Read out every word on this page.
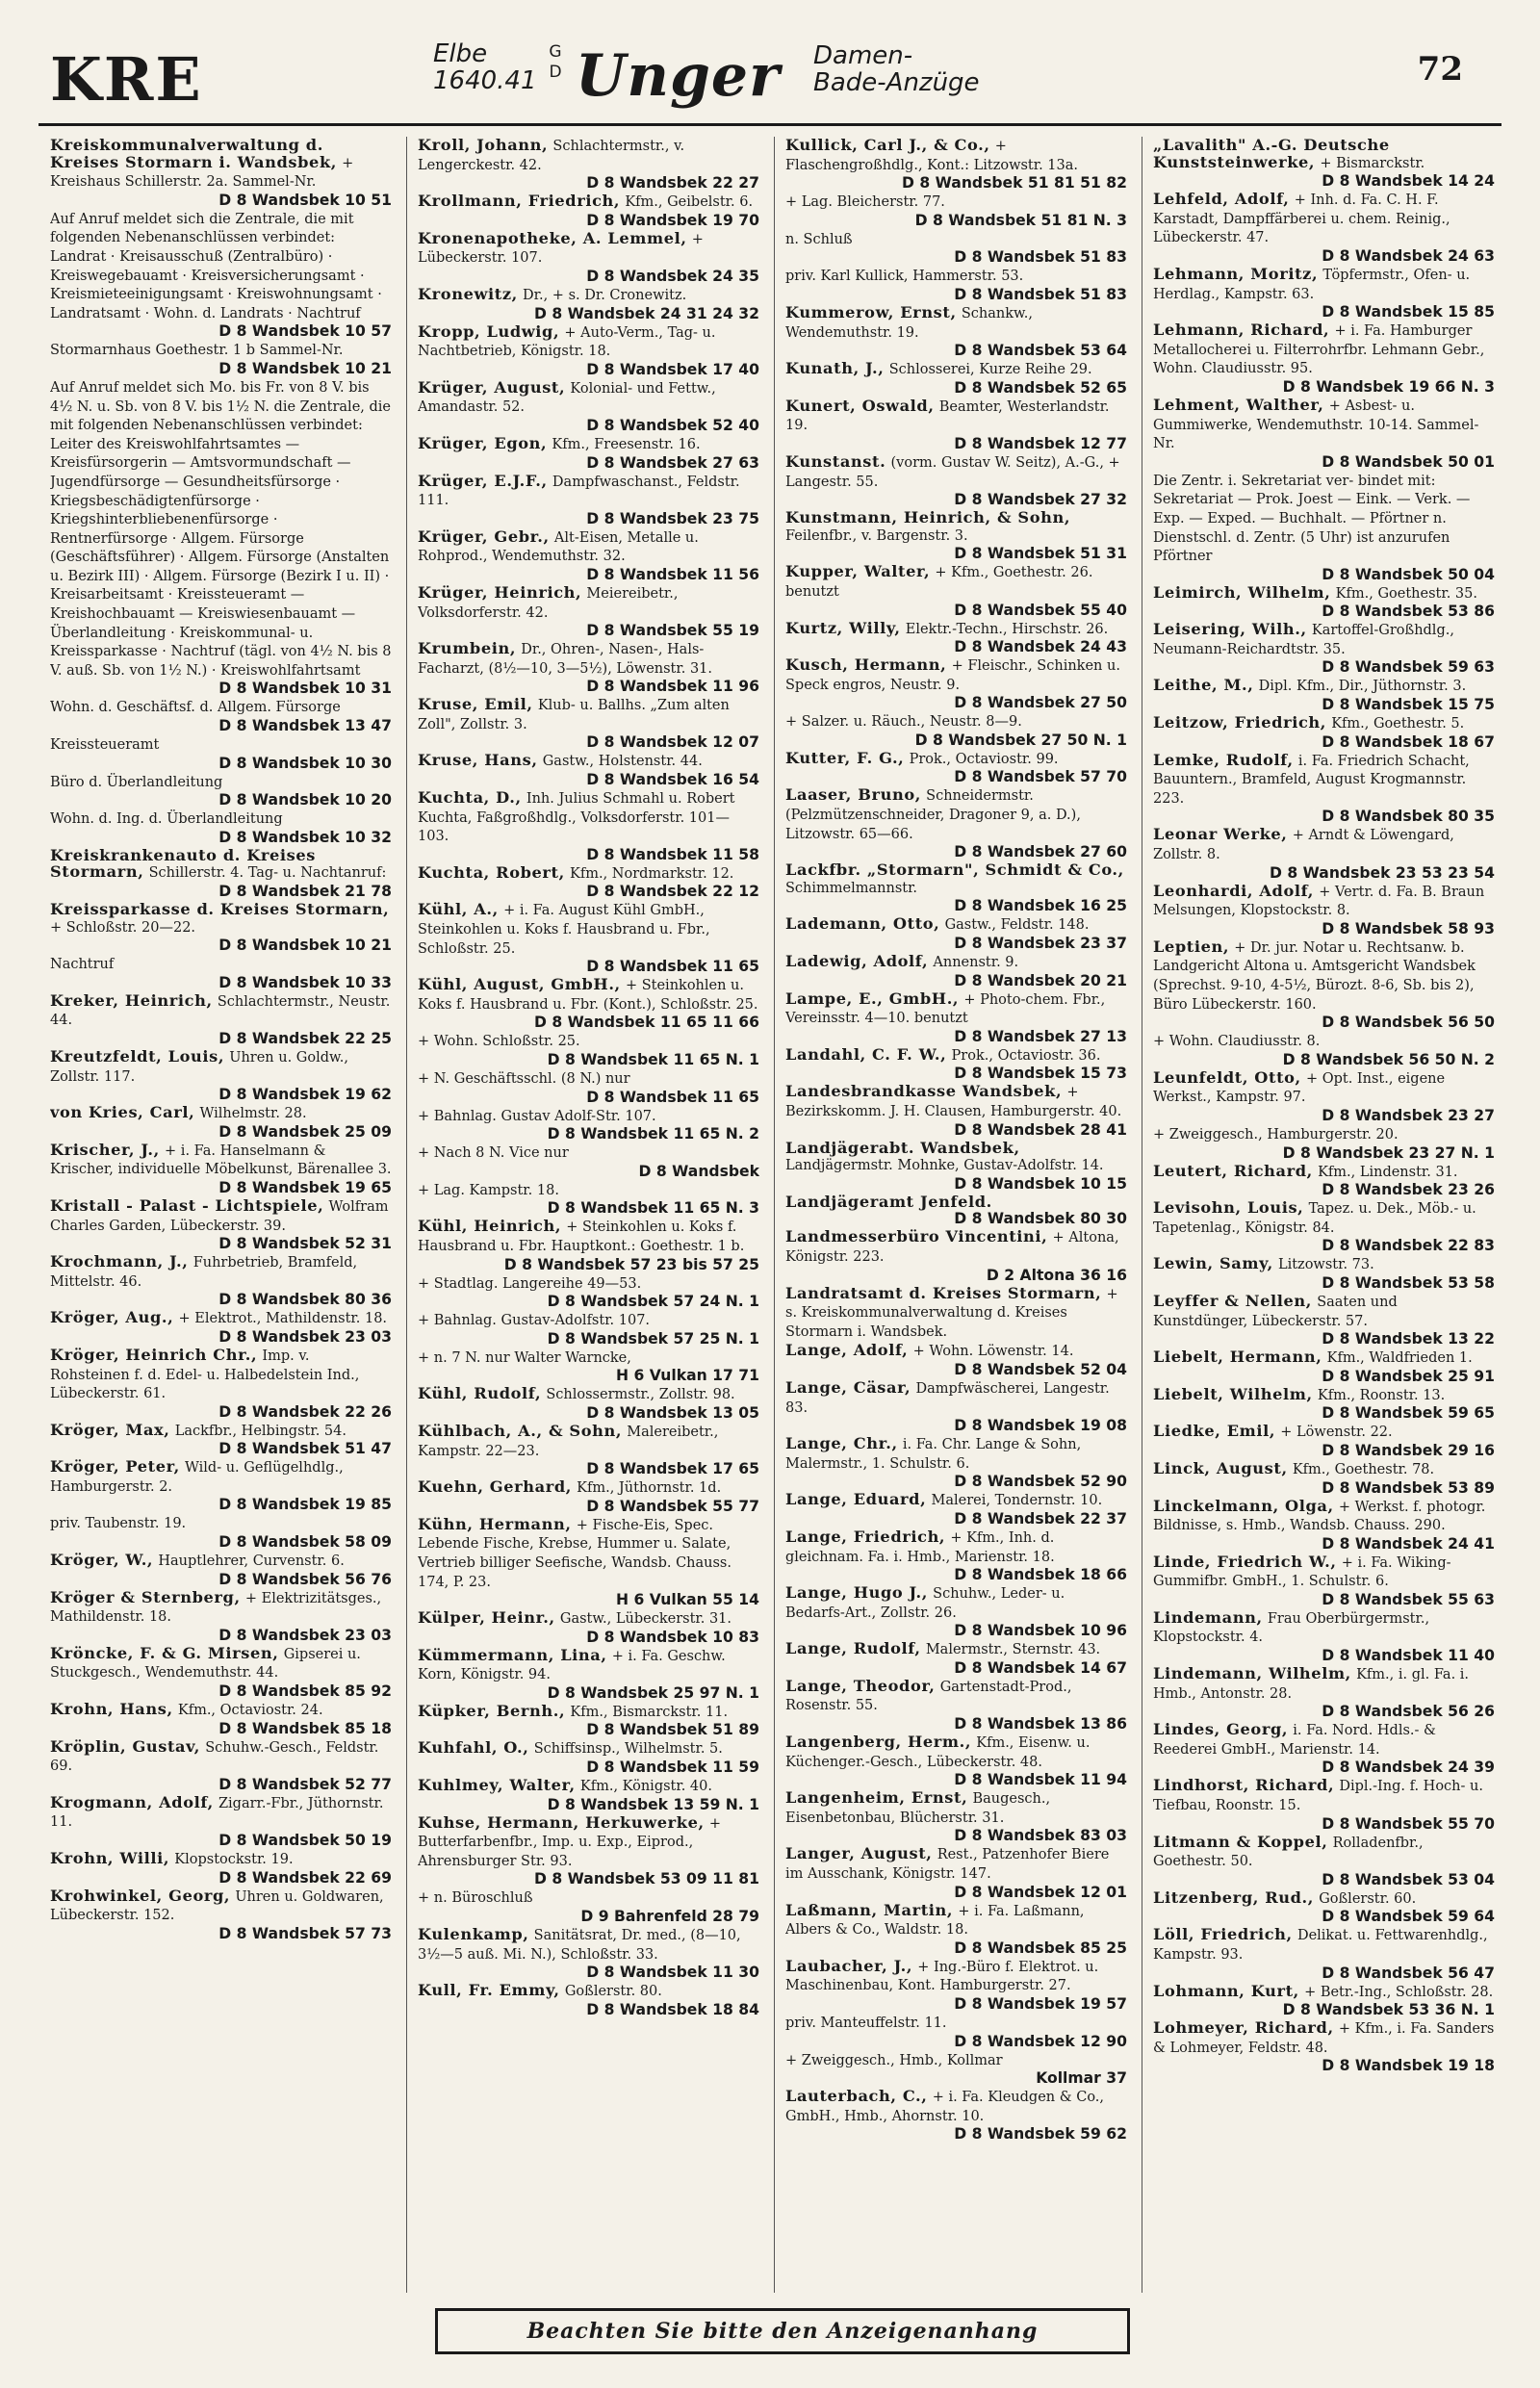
KRE	Elbe
1640.41
G
D Unger Damen-
Bade-Anzüge	72
Kreiskommunalverwaltung d. Kreises Stormarn i. Wandsbek, + Kreishaus Schillerstr. 2a. Sammel-Nr.
D 8 Wandsbek 10 51
Auf Anruf meldet sich die Zentrale, die mit folgenden Nebenanschlüssen verbindet: Landrat · Kreisausschuß (Zentralbüro) · Kreiswegebauamt · Kreisversicherungsamt · Kreismieteeinigungsamt · Kreiswohnungsamt · Landratsamt · Wohn. d. Landrats · Nachtruf
D 8 Wandsbek 10 57
Stormarnhaus Goethestr. 1 b Sammel-Nr.
D 8 Wandsbek 10 21
Auf Anruf meldet sich Mo. bis Fr. von 8 V. bis 4½ N. u. Sb. von 8 V. bis 1½ N. die Zentrale, die mit folgenden Nebenanschlüssen verbindet: Leiter des Kreiswohlfahrtsamtes — Kreisfürsorgerin — Amtsvormundschaft — Jugendfürsorge — Gesundheitsfürsorge · Kriegsbeschädigtenfürsorge · Kriegshinterbliebenenfürsorge · Rentnerfürsorge · Allgem. Fürsorge (Geschäftsführer) · Allgem. Fürsorge (Anstalten u. Bezirk III) · Allgem. Fürsorge (Bezirk I u. II) · Kreisarbeitsamt · Kreissteueramt — Kreishochbauamt — Kreiswiesenbauamt — Überlandleitung · Kreiskommunal- u. Kreissparkasse · Nachtruf (tägl. von 4½ N. bis 8 V. auß. Sb. von 1½ N.) · Kreiswohlfahrtsamt
D 8 Wandsbek 10 31
Wohn. d. Geschäftsf. d. Allgem. Fürsorge
D 8 Wandsbek 13 47
Kreissteueramt
D 8 Wandsbek 10 30
Büro d. Überlandleitung
D 8 Wandsbek 10 20
Wohn. d. Ing. d. Überlandleitung
D 8 Wandsbek 10 32
Kreiskrankenauto d. Kreises Stormarn, Schillerstr. 4. Tag- u. Nachtanruf:
D 8 Wandsbek 21 78
Kreissparkasse d. Kreises Stormarn, + Schloßstr. 20—22.
D 8 Wandsbek 10 21
Nachtruf
D 8 Wandsbek 10 33
Kreker, Heinrich, Schlachtermstr., Neustr. 44.
D 8 Wandsbek 22 25
Kreutzfeldt, Louis, Uhren u. Goldw., Zollstr. 117.
D 8 Wandsbek 19 62
von Kries, Carl, Wilhelmstr. 28.
D 8 Wandsbek 25 09
Krischer, J., + i. Fa. Hanselmann & Krischer, individuelle Möbelkunst, Bärenallee 3.
D 8 Wandsbek 19 65
Kristall - Palast - Lichtspiele, Wolfram Charles Garden, Lübeckerstr. 39.
D 8 Wandsbek 52 31
Krochmann, J., Fuhrbetrieb, Bramfeld, Mittelstr. 46.
D 8 Wandsbek 80 36
Kröger, Aug., + Elektrot., Mathildenstr. 18.
D 8 Wandsbek 23 03
Kröger, Heinrich Chr., Imp. v. Rohsteinen f. d. Edel- u. Halbedelstein Ind., Lübeckerstr. 61.
D 8 Wandsbek 22 26
Kröger, Max, Lackfbr., Helbingstr. 54.
D 8 Wandsbek 51 47
Kröger, Peter, Wild- u. Geflügelhdlg., Hamburgerstr. 2.
D 8 Wandsbek 19 85
priv. Taubenstr. 19.
D 8 Wandsbek 58 09
Kröger, W., Hauptlehrer, Curvenstr. 6.
D 8 Wandsbek 56 76
Kröger & Sternberg, + Elektrizitätsges., Mathildenstr. 18.
D 8 Wandsbek 23 03
Kröncke, F. & G. Mirsen, Gipserei u. Stuckgesch., Wendemuthstr. 44.
D 8 Wandsbek 85 92
Krohn, Hans, Kfm., Octaviostr. 24.
D 8 Wandsbek 85 18
Kröplin, Gustav, Schuhw.-Gesch., Feldstr. 69.
D 8 Wandsbek 52 77
Krogmann, Adolf, Zigarr.-Fbr., Jüthornstr. 11.
D 8 Wandsbek 50 19
Krohn, Willi, Klopstockstr. 19.
D 8 Wandsbek 22 69
Krohwinkel, Georg, Uhren u. Goldwaren, Lübeckerstr. 152.
D 8 Wandsbek 57 73
Kroll, Johann, Schlachtermstr., v. Lengerckestr. 42.
D 8 Wandsbek 22 27
Krollmann, Friedrich, Kfm., Geibelstr. 6.
D 8 Wandsbek 19 70
Kronenapotheke, A. Lemmel, + Lübeckerstr. 107.
D 8 Wandsbek 24 35
Kronewitz, Dr., + s. Dr. Cronewitz.
D 8 Wandsbek 24 31 24 32
Kropp, Ludwig, + Auto-Verm., Tag- u. Nachtbetrieb, Königstr. 18.
D 8 Wandsbek 17 40
Krüger, August, Kolonial- und Fettw., Amandastr. 52.
D 8 Wandsbek 52 40
Krüger, Egon, Kfm., Freesenstr. 16.
D 8 Wandsbek 27 63
Krüger, E.J.F., Dampfwaschanst., Feldstr. 111.
D 8 Wandsbek 23 75
Krüger, Gebr., Alt-Eisen, Metalle u. Rohprod., Wendemuthstr. 32.
D 8 Wandsbek 11 56
Krüger, Heinrich, Meiereibetr., Volksdorferstr. 42.
D 8 Wandsbek 55 19
Krumbein, Dr., Ohren-, Nasen-, Hals-Facharzt, (8½—10, 3—5½), Löwenstr. 31.
D 8 Wandsbek 11 96
Kruse, Emil, Klub- u. Ballhs. „Zum alten Zoll", Zollstr. 3.
D 8 Wandsbek 12 07
Kruse, Hans, Gastw., Holstenstr. 44.
D 8 Wandsbek 16 54
Kuchta, D., Inh. Julius Schmahl u. Robert Kuchta, Faßgroßhdlg., Volksdorferstr. 101—103.
D 8 Wandsbek 11 58
Kuchta, Robert, Kfm., Nordmarkstr. 12.
D 8 Wandsbek 22 12
Kühl, A., + i. Fa. August Kühl GmbH., Steinkohlen u. Koks f. Hausbrand u. Fbr., Schloßstr. 25.
D 8 Wandsbek 11 65
Kühl, August, GmbH., + Steinkohlen u. Koks f. Hausbrand u. Fbr. (Kont.), Schloßstr. 25.
D 8 Wandsbek 11 65 11 66
+ Wohn. Schloßstr. 25.
D 8 Wandsbek 11 65 N. 1
+ N. Geschäftsschl. (8 N.) nur
D 8 Wandsbek 11 65
+ Bahnlag. Gustav Adolf-Str. 107.
D 8 Wandsbek 11 65 N. 2
+ Nach 8 N. Vice nur
D 8 Wandsbek
+ Lag. Kampstr. 18.
D 8 Wandsbek 11 65 N. 3
Kühl, Heinrich, + Steinkohlen u. Koks f. Hausbrand u. Fbr. Hauptkont.: Goethestr. 1 b.
D 8 Wandsbek 57 23 bis 57 25
+ Stadtlag. Langereihe 49—53.
D 8 Wandsbek 57 24 N. 1
+ Bahnlag. Gustav-Adolfstr. 107.
D 8 Wandsbek 57 25 N. 1
+ n. 7 N. nur Walter Warncke,
H 6 Vulkan 17 71
Kühl, Rudolf, Schlossermstr., Zollstr. 98.
D 8 Wandsbek 13 05
Kühlbach, A., & Sohn, Malereibetr., Kampstr. 22—23.
D 8 Wandsbek 17 65
Kuehn, Gerhard, Kfm., Jüthornstr. 1d.
D 8 Wandsbek 55 77
Kühn, Hermann, + Fische-Eis, Spec. Lebende Fische, Krebse, Hummer u. Salate, Vertrieb billiger Seefische, Wandsb. Chauss. 174, P. 23.
H 6 Vulkan 55 14
Külper, Heinr., Gastw., Lübeckerstr. 31.
D 8 Wandsbek 10 83
Kümmermann, Lina, + i. Fa. Geschw. Korn, Königstr. 94.
D 8 Wandsbek 25 97 N. 1
Küpker, Bernh., Kfm., Bismarckstr. 11.
D 8 Wandsbek 51 89
Kuhfahl, O., Schiffsinsp., Wilhelmstr. 5.
D 8 Wandsbek 11 59
Kuhlmey, Walter, Kfm., Königstr. 40.
D 8 Wandsbek 13 59 N. 1
Kuhse, Hermann, Herkuwerke, + Butterfarbenfbr., Imp. u. Exp., Eiprod., Ahrensburger Str. 93.
D 8 Wandsbek 53 09 11 81
+ n. Büroschluß
D 9 Bahrenfeld 28 79
Kulenkamp, Sanitätsrat, Dr. med., (8—10, 3½—5 auß. Mi. N.), Schloßstr. 33.
D 8 Wandsbek 11 30
Kull, Fr. Emmy, Goßlerstr. 80.
D 8 Wandsbek 18 84
Kullick, Carl J., & Co., + Flaschengroßhdlg., Kont.: Litzowstr. 13a.
D 8 Wandsbek 51 81 51 82
+ Lag. Bleicherstr. 77.
D 8 Wandsbek 51 81 N. 3
n. Schluß
D 8 Wandsbek 51 83
priv. Karl Kullick, Hammerstr. 53.
D 8 Wandsbek 51 83
Kummerow, Ernst, Schankw., Wendemuthstr. 19.
D 8 Wandsbek 53 64
Kunath, J., Schlosserei, Kurze Reihe 29.
D 8 Wandsbek 52 65
Kunert, Oswald, Beamter, Westerlandstr. 19.
D 8 Wandsbek 12 77
Kunstanst. (vorm. Gustav W. Seitz), A.-G., + Langestr. 55.
D 8 Wandsbek 27 32
Kunstmann, Heinrich, & Sohn, Feilenfbr., v. Bargenstr. 3.
D 8 Wandsbek 51 31
Kupper, Walter, + Kfm., Goethestr. 26. benutzt
D 8 Wandsbek 55 40
Kurtz, Willy, Elektr.-Techn., Hirschstr. 26.
D 8 Wandsbek 24 43
Kusch, Hermann, + Fleischr., Schinken u. Speck engros, Neustr. 9.
D 8 Wandsbek 27 50
+ Salzer. u. Räuch., Neustr. 8—9.
D 8 Wandsbek 27 50 N. 1
Kutter, F. G., Prok., Octaviostr. 99.
D 8 Wandsbek 57 70
Laaser, Bruno, Schneidermstr. (Pelzmützenschneider, Dragoner 9, a. D.), Litzowstr. 65—66.
D 8 Wandsbek 27 60
Lackfbr. „Stormarn", Schmidt & Co., Schimmelmannstr.
D 8 Wandsbek 16 25
Lademann, Otto, Gastw., Feldstr. 148.
D 8 Wandsbek 23 37
Ladewig, Adolf, Annenstr. 9.
D 8 Wandsbek 20 21
Lampe, E., GmbH., + Photo-chem. Fbr., Vereinsstr. 4—10. benutzt
D 8 Wandsbek 27 13
Landahl, C. F. W., Prok., Octaviostr. 36.
D 8 Wandsbek 15 73
Landesbrandkasse Wandsbek, + Bezirkskomm. J. H. Clausen, Hamburgerstr. 40.
D 8 Wandsbek 28 41
Landjägerabt. Wandsbek, Landjägermstr. Mohnke, Gustav-Adolfstr. 14.
D 8 Wandsbek 10 15
Landjägeramt Jenfeld.
D 8 Wandsbek 80 30
Landmesserbüro Vincentini, + Altona, Königstr. 223.
D 2 Altona 36 16
Landratsamt d. Kreises Stormarn, + s. Kreiskommunalverwaltung d. Kreises Stormarn i. Wandsbek.
Lange, Adolf, + Wohn. Löwenstr. 14.
D 8 Wandsbek 52 04
Lange, Cäsar, Dampfwäscherei, Langestr. 83.
D 8 Wandsbek 19 08
Lange, Chr., i. Fa. Chr. Lange & Sohn, Malermstr., 1. Schulstr. 6.
D 8 Wandsbek 52 90
Lange, Eduard, Malerei, Tondernstr. 10.
D 8 Wandsbek 22 37
Lange, Friedrich, + Kfm., Inh. d. gleichnam. Fa. i. Hmb., Marienstr. 18.
D 8 Wandsbek 18 66
Lange, Hugo J., Schuhw., Leder- u. Bedarfs-Art., Zollstr. 26.
D 8 Wandsbek 10 96
Lange, Rudolf, Malermstr., Sternstr. 43.
D 8 Wandsbek 14 67
Lange, Theodor, Gartenstadt-Prod., Rosenstr. 55.
D 8 Wandsbek 13 86
Langenberg, Herm., Kfm., Eisenw. u. Küchenger.-Gesch., Lübeckerstr. 48.
D 8 Wandsbek 11 94
Langenheim, Ernst, Baugesch., Eisenbetonbau, Blücherstr. 31.
D 8 Wandsbek 83 03
Langer, August, Rest., Patzenhofer Biere im Ausschank, Königstr. 147.
D 8 Wandsbek 12 01
Laßmann, Martin, + i. Fa. Laßmann, Albers & Co., Waldstr. 18.
D 8 Wandsbek 85 25
Laubacher, J., + Ing.-Büro f. Elektrot. u. Maschinenbau, Kont. Hamburgerstr. 27.
D 8 Wandsbek 19 57
priv. Manteuffelstr. 11.
D 8 Wandsbek 12 90
+ Zweiggesch., Hmb., Kollmar
Kollmar 37
Lauterbach, C., + i. Fa. Kleudgen & Co., GmbH., Hmb., Ahornstr. 10.
D 8 Wandsbek 59 62
„Lavalith" A.-G. Deutsche Kunststeinwerke, + Bismarckstr.
D 8 Wandsbek 14 24
Lehfeld, Adolf, + Inh. d. Fa. C. H. F. Karstadt, Dampffärberei u. chem. Reinig., Lübeckerstr. 47.
D 8 Wandsbek 24 63
Lehmann, Moritz, Töpfermstr., Ofen- u. Herdlag., Kampstr. 63.
D 8 Wandsbek 15 85
Lehmann, Richard, + i. Fa. Hamburger Metallocherei u. Filterrohrfbr. Lehmann Gebr., Wohn. Claudiusstr. 95.
D 8 Wandsbek 19 66 N. 3
Lehment, Walther, + Asbest- u. Gummiwerke, Wendemuthstr. 10-14. Sammel-Nr.
D 8 Wandsbek 50 01
Die Zentr. i. Sekretariat ver- bindet mit: Sekretariat — Prok. Joest — Eink. — Verk. — Exp. — Exped. — Buchhalt. — Pförtner n. Dienstschl. d. Zentr. (5 Uhr) ist anzurufen Pförtner
D 8 Wandsbek 50 04
Leimirch, Wilhelm, Kfm., Goethestr. 35.
D 8 Wandsbek 53 86
Leisering, Wilh., Kartoffel-Großhdlg., Neumann-Reichardtstr. 35.
D 8 Wandsbek 59 63
Leithe, M., Dipl. Kfm., Dir., Jüthornstr. 3.
D 8 Wandsbek 15 75
Leitzow, Friedrich, Kfm., Goethestr. 5.
D 8 Wandsbek 18 67
Lemke, Rudolf, i. Fa. Friedrich Schacht, Bauuntern., Bramfeld, August Krogmannstr. 223.
D 8 Wandsbek 80 35
Leonar Werke, + Arndt & Löwengard, Zollstr. 8.
D 8 Wandsbek 23 53 23 54
Leonhardi, Adolf, + Vertr. d. Fa. B. Braun Melsungen, Klopstockstr. 8.
D 8 Wandsbek 58 93
Leptien, + Dr. jur. Notar u. Rechtsanw. b. Landgericht Altona u. Amtsgericht Wandsbek (Sprechst. 9-10, 4-5½, Bürozt. 8-6, Sb. bis 2), Büro Lübeckerstr. 160.
D 8 Wandsbek 56 50
+ Wohn. Claudiusstr. 8.
D 8 Wandsbek 56 50 N. 2
Leunfeldt, Otto, + Opt. Inst., eigene Werkst., Kampstr. 97.
D 8 Wandsbek 23 27
+ Zweiggesch., Hamburgerstr. 20.
D 8 Wandsbek 23 27 N. 1
Leutert, Richard, Kfm., Lindenstr. 31.
D 8 Wandsbek 23 26
Levisohn, Louis, Tapez. u. Dek., Möb.- u. Tapetenlag., Königstr. 84.
D 8 Wandsbek 22 83
Lewin, Samy, Litzowstr. 73.
D 8 Wandsbek 53 58
Leyffer & Nellen, Saaten und Kunstdünger, Lübeckerstr. 57.
D 8 Wandsbek 13 22
Liebelt, Hermann, Kfm., Waldfrieden 1.
D 8 Wandsbek 25 91
Liebelt, Wilhelm, Kfm., Roonstr. 13.
D 8 Wandsbek 59 65
Liedke, Emil, + Löwenstr. 22.
D 8 Wandsbek 29 16
Linck, August, Kfm., Goethestr. 78.
D 8 Wandsbek 53 89
Linckelmann, Olga, + Werkst. f. photogr. Bildnisse, s. Hmb., Wandsb. Chauss. 290.
D 8 Wandsbek 24 41
Linde, Friedrich W., + i. Fa. Wiking-Gummifbr. GmbH., 1. Schulstr. 6.
D 8 Wandsbek 55 63
Lindemann, Frau Oberbürgermstr., Klopstockstr. 4.
D 8 Wandsbek 11 40
Lindemann, Wilhelm, Kfm., i. gl. Fa. i. Hmb., Antonstr. 28.
D 8 Wandsbek 56 26
Lindes, Georg, i. Fa. Nord. Hdls.- & Reederei GmbH., Marienstr. 14.
D 8 Wandsbek 24 39
Lindhorst, Richard, Dipl.-Ing. f. Hoch- u. Tiefbau, Roonstr. 15.
D 8 Wandsbek 55 70
Litmann & Koppel, Rolladenfbr., Goethestr. 50.
D 8 Wandsbek 53 04
Litzenberg, Rud., Goßlerstr. 60.
D 8 Wandsbek 59 64
Löll, Friedrich, Delikat. u. Fettwarenhdlg., Kampstr. 93.
D 8 Wandsbek 56 47
Lohmann, Kurt, + Betr.-Ing., Schloßstr. 28.
D 8 Wandsbek 53 36 N. 1
Lohmeyer, Richard, + Kfm., i. Fa. Sanders & Lohmeyer, Feldstr. 48.
D 8 Wandsbek 19 18
Beachten Sie bitte den Anzeigenanhang
